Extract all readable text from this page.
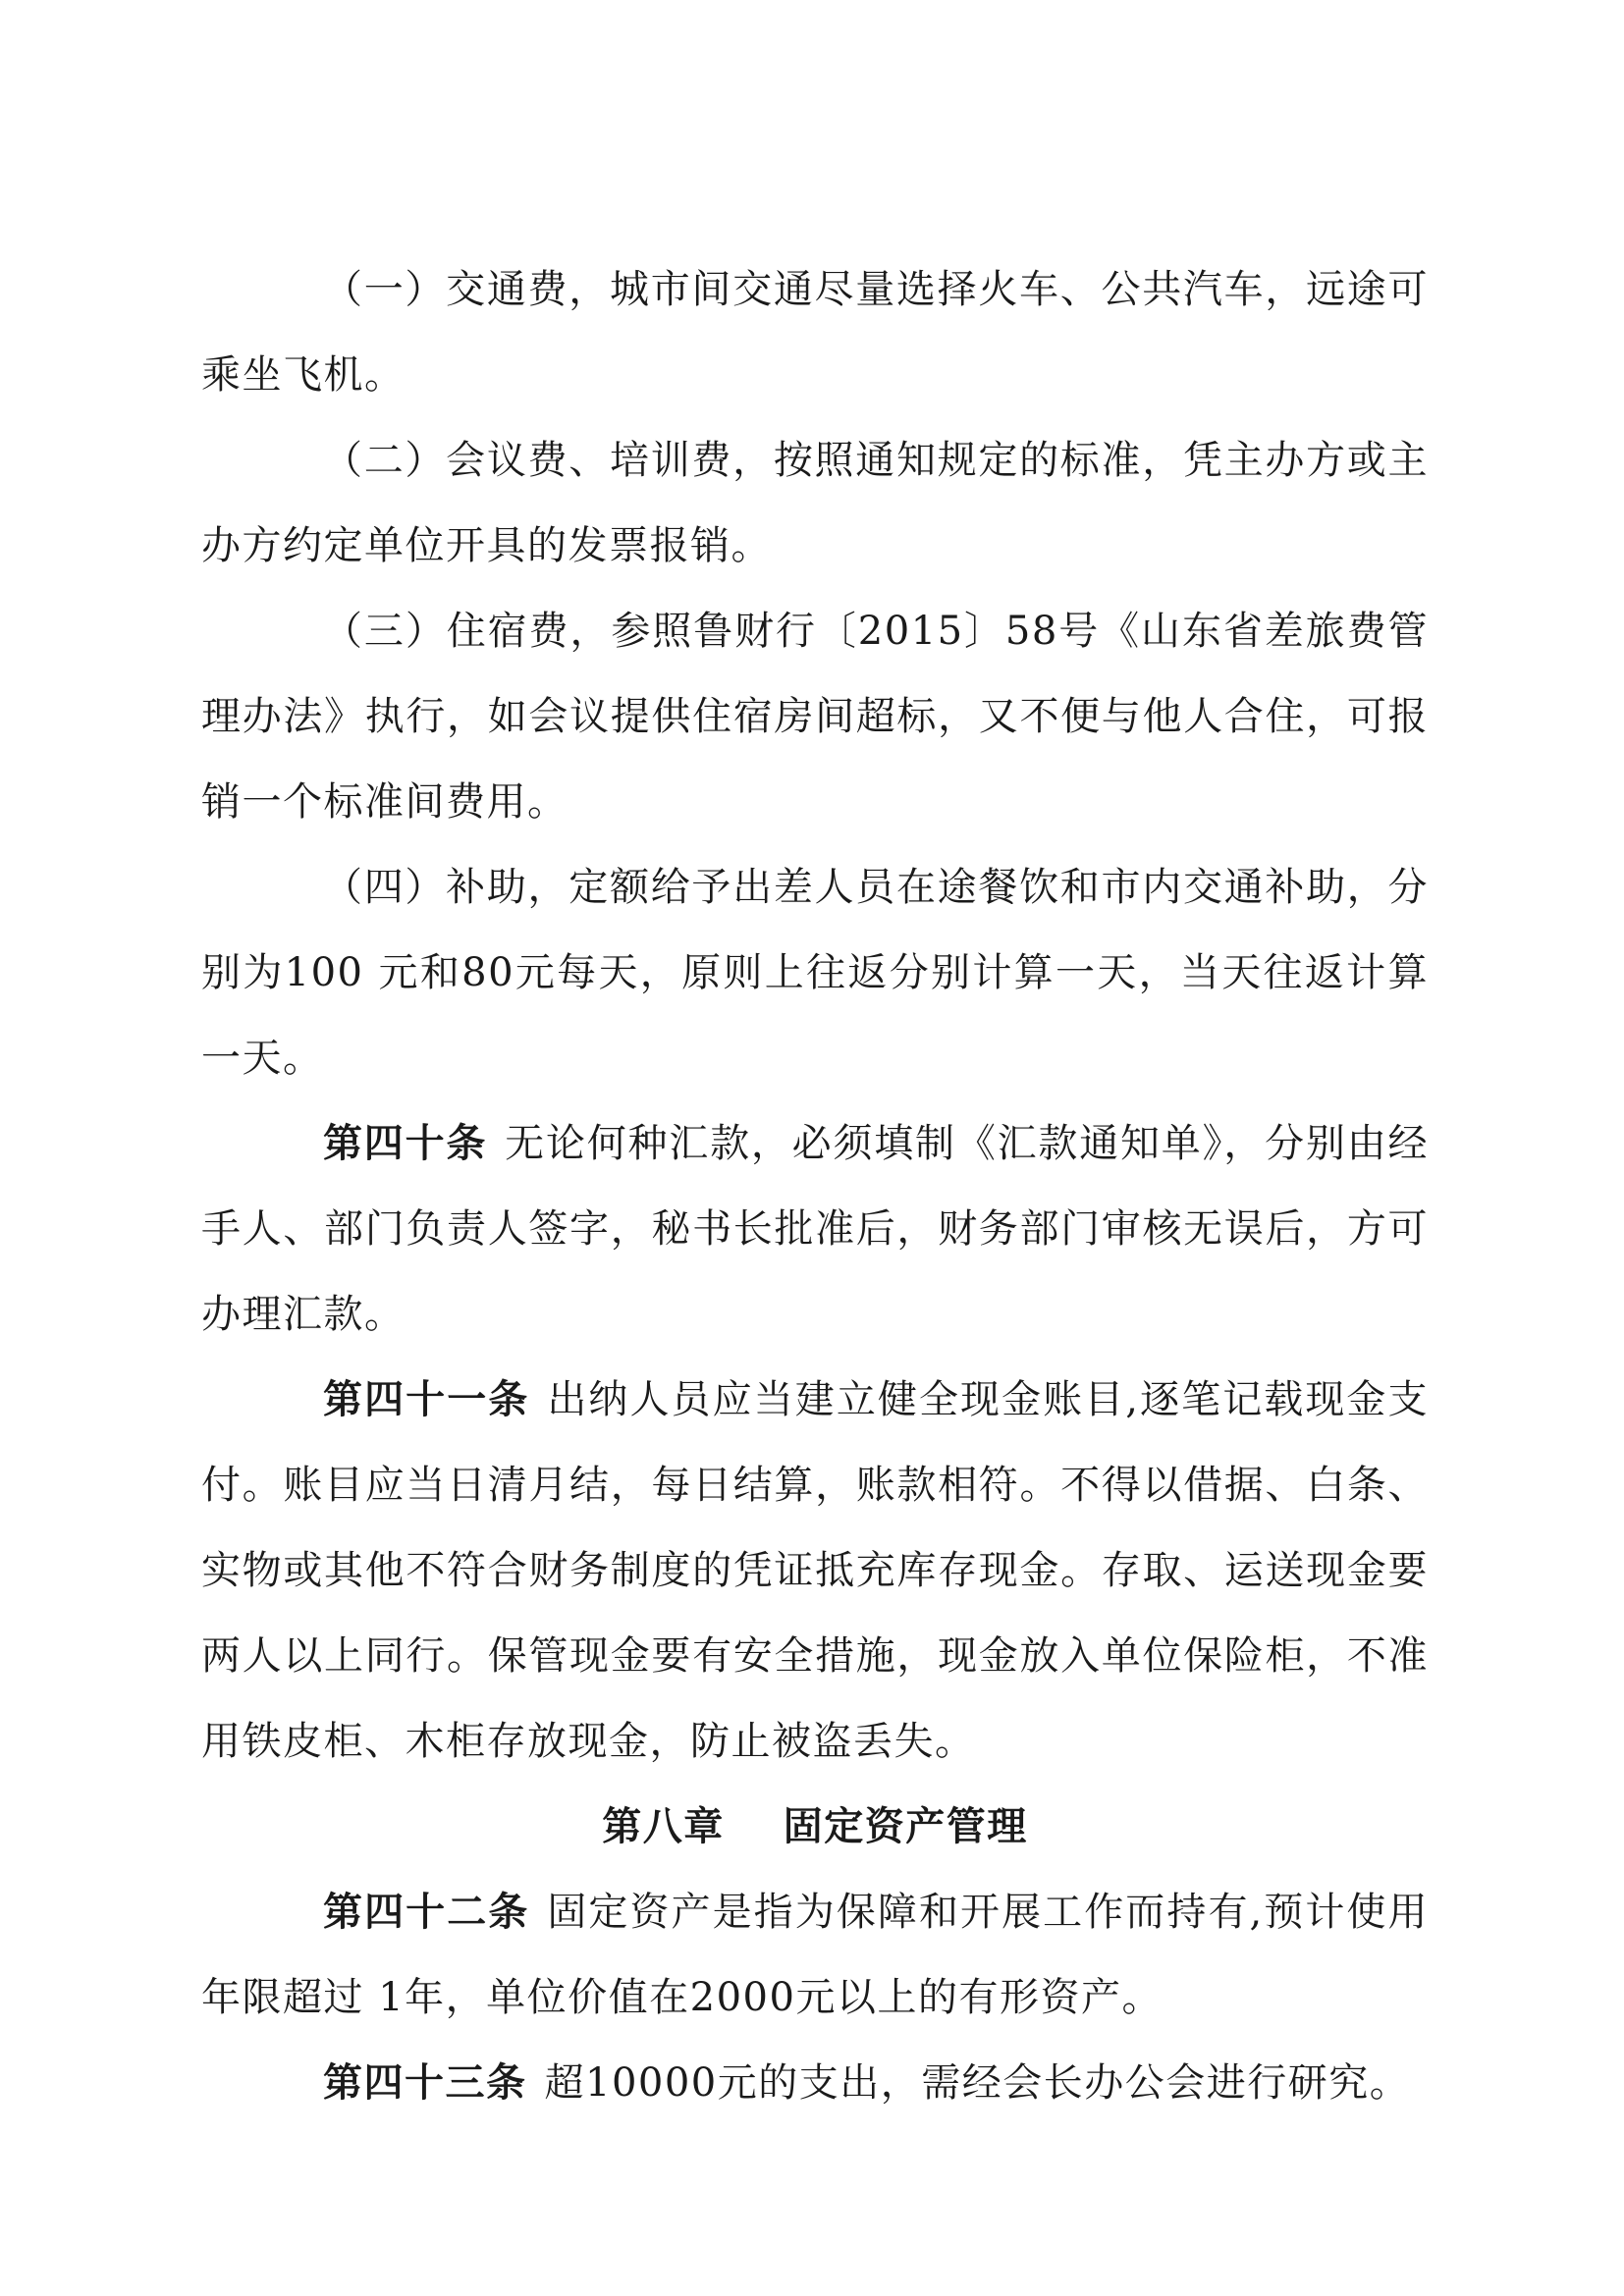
（一）交通费，城市间交通尽量选择火车、公共汽车，远途可乘坐飞机。

（二）会议费、培训费，按照通知规定的标准，凭主办方或主办方约定单位开具的发票报销。

（三）住宿费，参照鲁财行〔2015〕58号《山东省差旅费管理办法》执行，如会议提供住宿房间超标，又不便与他人合住，可报销一个标准间费用。

（四）补助，定额给予出差人员在途餐饮和市内交通补助，分别为100 元和80元每天，原则上往返分别计算一天，当天往返计算一天。

第四十条 无论何种汇款，必须填制《汇款通知单》，分别由经手人、部门负责人签字，秘书长批准后，财务部门审核无误后，方可办理汇款。

第四十一条 出纳人员应当建立健全现金账目,逐笔记载现金支付。账目应当日清月结，每日结算，账款相符。不得以借据、白条、实物或其他不符合财务制度的凭证抵充库存现金。存取、运送现金要两人以上同行。保管现金要有安全措施，现金放入单位保险柜，不准用铁皮柜、木柜存放现金，防止被盗丢失。

第八章 固定资产管理

第四十二条 固定资产是指为保障和开展工作而持有,预计使用年限超过 1年，单位价值在2000元以上的有形资产。

第四十三条 超10000元的支出，需经会长办公会进行研究。
